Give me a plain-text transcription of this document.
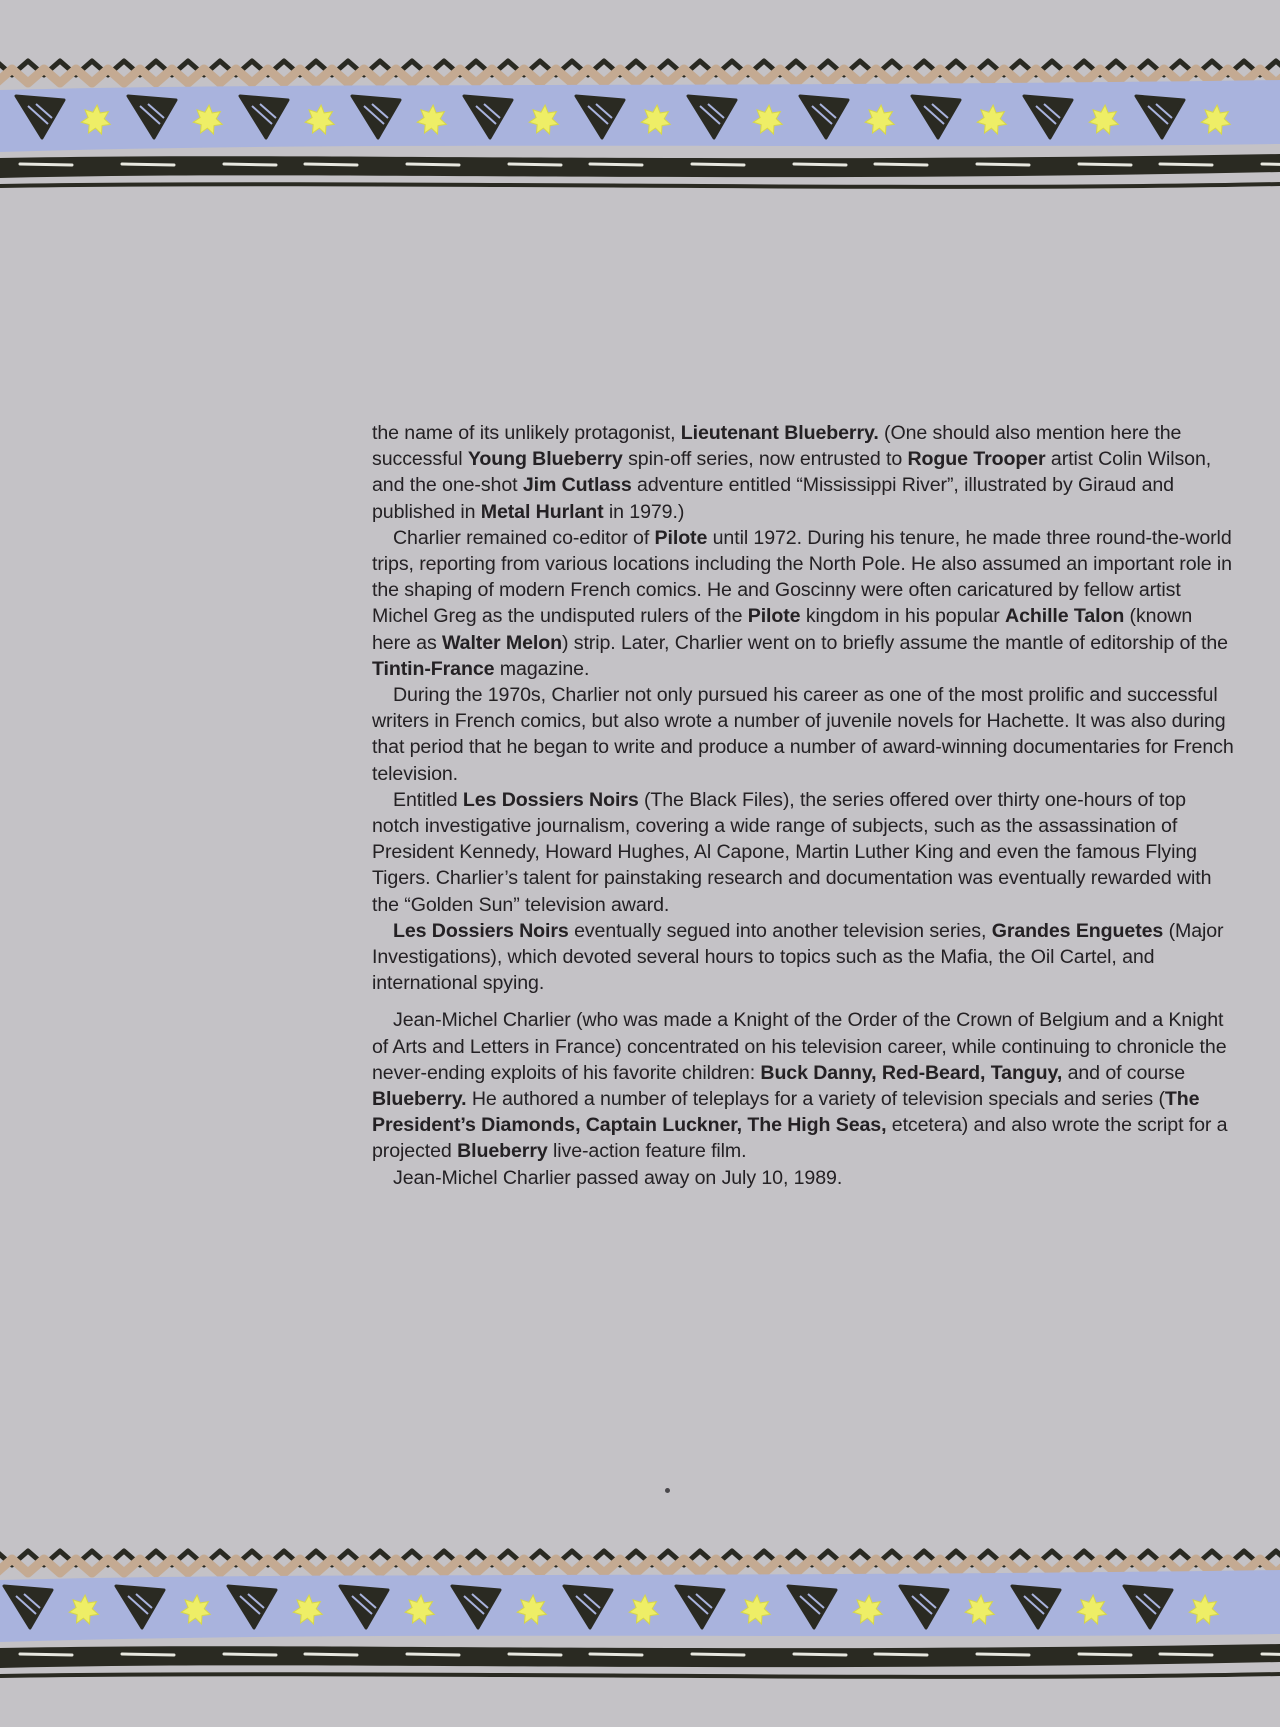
the name of its unlikely protagonist, Lieutenant Blueberry. (One should also mention here the successful Young Blueberry spin-off series, now entrusted to Rogue Trooper artist Colin Wilson, and the one-shot Jim Cutlass adventure entitled “Mississippi River”, illustrated by Giraud and published in Metal Hurlant in 1979.)

Charlier remained co-editor of Pilote until 1972. During his tenure, he made three round-the-world trips, reporting from various locations including the North Pole. He also assumed an important role in the shaping of modern French comics. He and Goscinny were often caricatured by fellow artist Michel Greg as the undisputed rulers of the Pilote kingdom in his popular Achille Talon (known here as Walter Melon) strip. Later, Charlier went on to briefly assume the mantle of editorship of the Tintin-France magazine.

During the 1970s, Charlier not only pursued his career as one of the most prolific and successful writers in French comics, but also wrote a number of juvenile novels for Hachette. It was also during that period that he began to write and produce a number of award-winning documentaries for French television.

Entitled Les Dossiers Noirs (The Black Files), the series offered over thirty one-hours of top notch investigative journalism, covering a wide range of subjects, such as the assassination of President Kennedy, Howard Hughes, Al Capone, Martin Luther King and even the famous Flying Tigers. Charlier’s talent for painstaking research and documentation was eventually rewarded with the “Golden Sun” television award.

Les Dossiers Noirs eventually segued into another television series, Grandes Enguetes (Major Investigations), which devoted several hours to topics such as the Mafia, the Oil Cartel, and international spying.

Jean-Michel Charlier (who was made a Knight of the Order of the Crown of Belgium and a Knight of Arts and Letters in France) concentrated on his television career, while continuing to chronicle the never-ending exploits of his favorite children: Buck Danny, Red-Beard, Tanguy, and of course Blueberry. He authored a number of teleplays for a variety of television specials and series (The President’s Diamonds, Captain Luckner, The High Seas, etcetera) and also wrote the script for a projected Blueberry live-action feature film.

Jean-Michel Charlier passed away on July 10, 1989.
